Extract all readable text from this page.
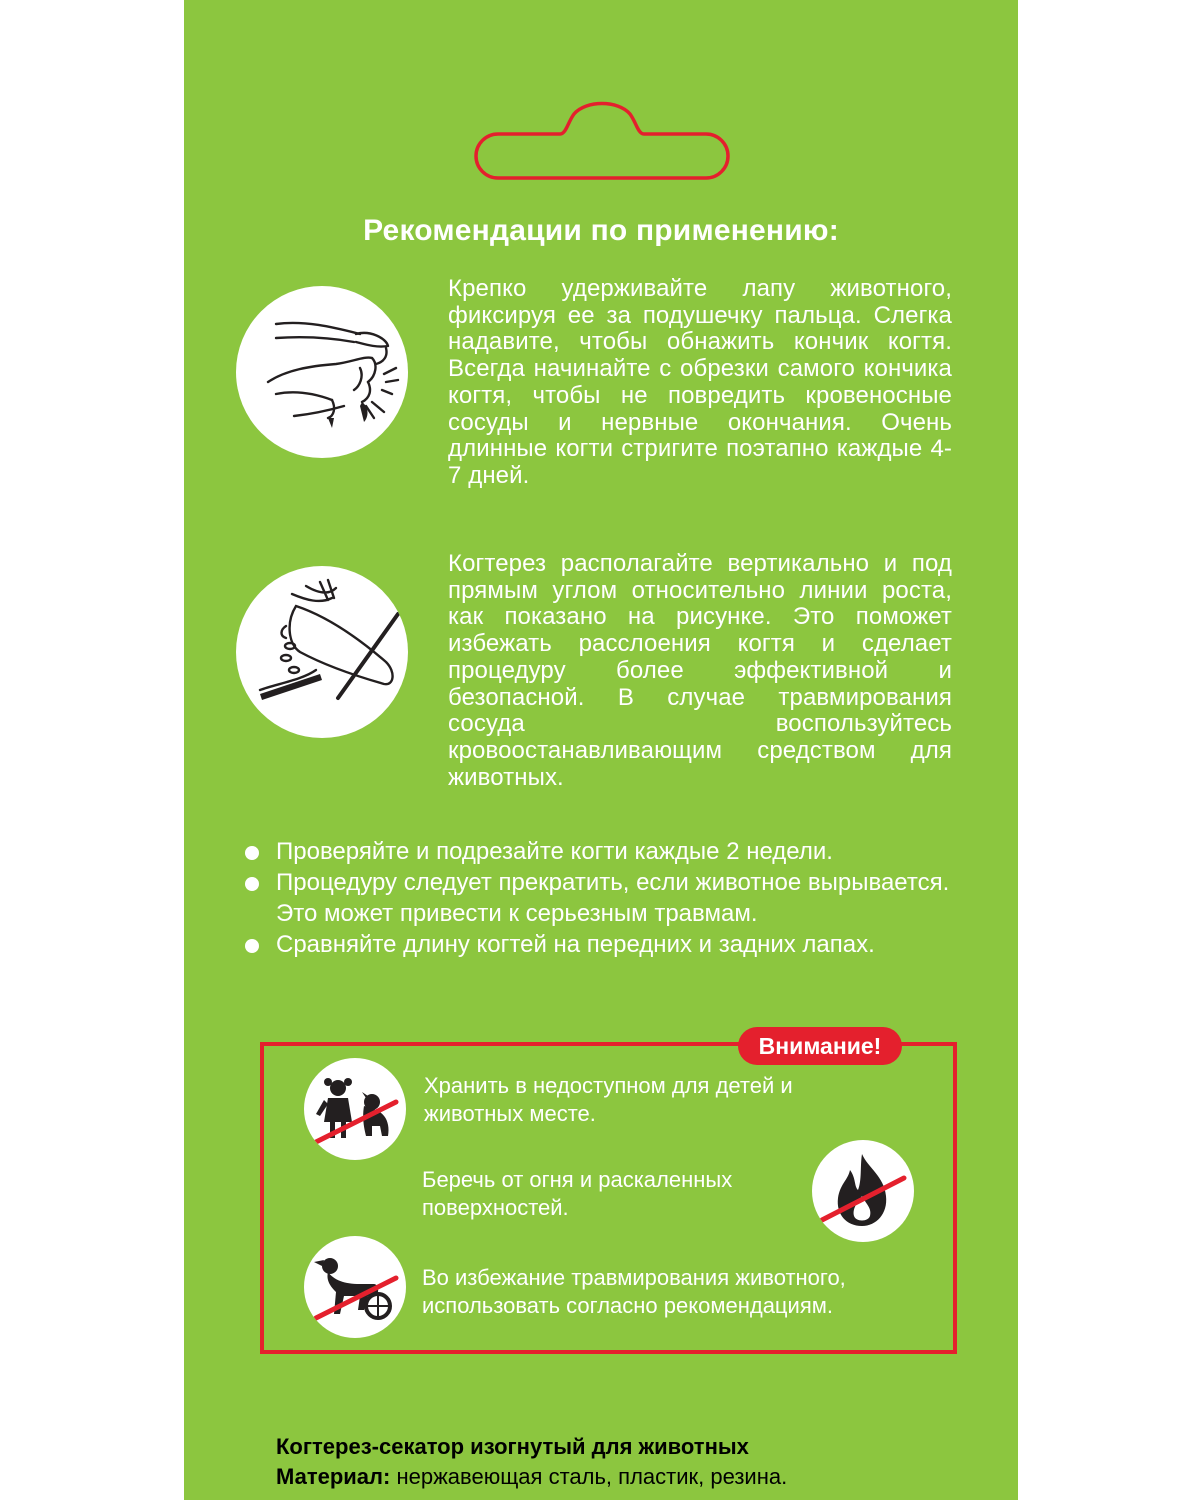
Рекомендации по применению:
Крепко удерживайте лапу животного, фиксируя ее за подушечку пальца. Слегка надавите, чтобы обнажить кончик когтя. Всегда начинайте с обрезки самого кончика когтя, чтобы не повредить кровеносные сосуды и нервные окончания. Очень длинные когти стригите поэтапно каждые 4-7 дней.
Когтерез располагайте вертикально и под прямым углом относительно линии роста, как показано на рисунке. Это поможет избежать расслоения когтя и сделает процедуру более эффективной и безопасной. В случае травмирования сосуда воспользуйтесь кровоостанавливающим средством для животных.
Проверяйте и подрезайте когти каждые 2 недели.
Процедуру следует прекратить, если животное вырывается. Это может привести к серьезным травмам.
Сравняйте длину когтей на передних и задних лапах.
Внимание!
Хранить в недоступном для детей и животных месте.
Беречь от огня и раскаленных поверхностей.
Во избежание травмирования животного, использовать согласно рекомендациям.
Когтерез-секатор изогнутый для животных
Материал: нержавеющая сталь, пластик, резина.
